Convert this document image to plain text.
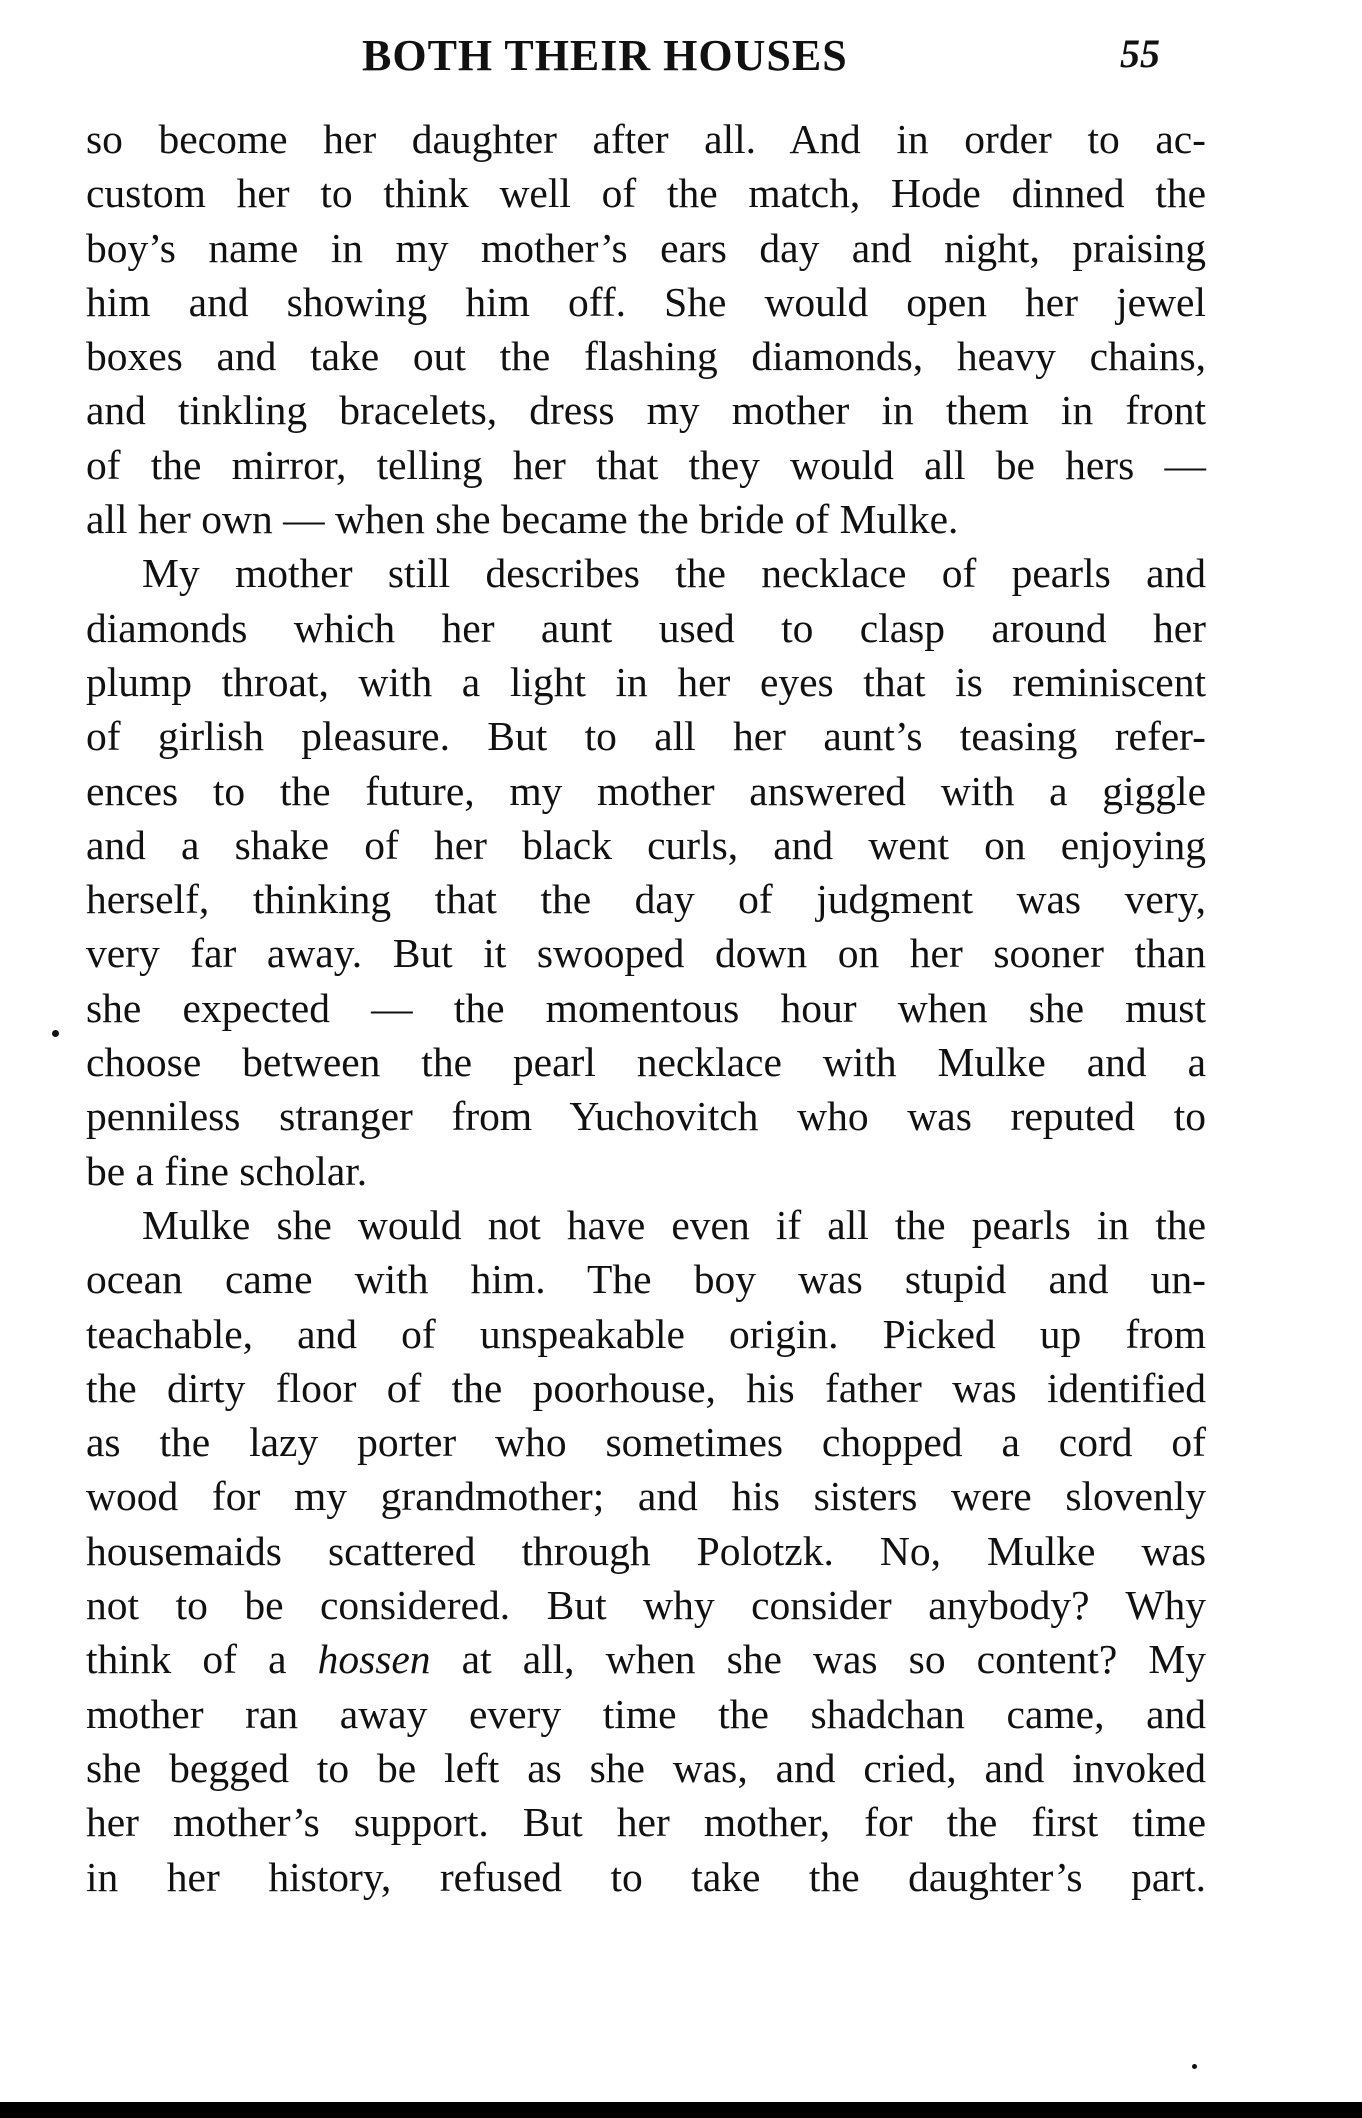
BOTH THEIR HOUSES	55
so become her daughter after all. And in order to ac-
custom her to think well of the match, Hode dinned the
boy’s name in my mother’s ears day and night, praising
him and showing him off. She would open her jewel
boxes and take out the flashing diamonds, heavy chains,
and tinkling bracelets, dress my mother in them in front
of the mirror, telling her that they would all be hers —
all her own — when she became the bride of Mulke.
My mother still describes the necklace of pearls and
diamonds which her aunt used to clasp around her
plump throat, with a light in her eyes that is reminiscent
of girlish pleasure. But to all her aunt’s teasing refer-
ences to the future, my mother answered with a giggle
and a shake of her black curls, and went on enjoying
herself, thinking that the day of judgment was very,
very far away. But it swooped down on her sooner than
she expected — the momentous hour when she must
choose between the pearl necklace with Mulke and a
penniless stranger from Yuchovitch who was reputed to
be a fine scholar.
Mulke she would not have even if all the pearls in the
ocean came with him. The boy was stupid and un-
teachable, and of unspeakable origin. Picked up from
the dirty floor of the poorhouse, his father was identified
as the lazy porter who sometimes chopped a cord of
wood for my grandmother; and his sisters were slovenly
housemaids scattered through Polotzk. No, Mulke was
not to be considered. But why consider anybody? Why
think of a hossen at all, when she was so content? My
mother ran away every time the shadchan came, and
she begged to be left as she was, and cried, and invoked
her mother’s support. But her mother, for the first time
in her history, refused to take the daughter’s part.
